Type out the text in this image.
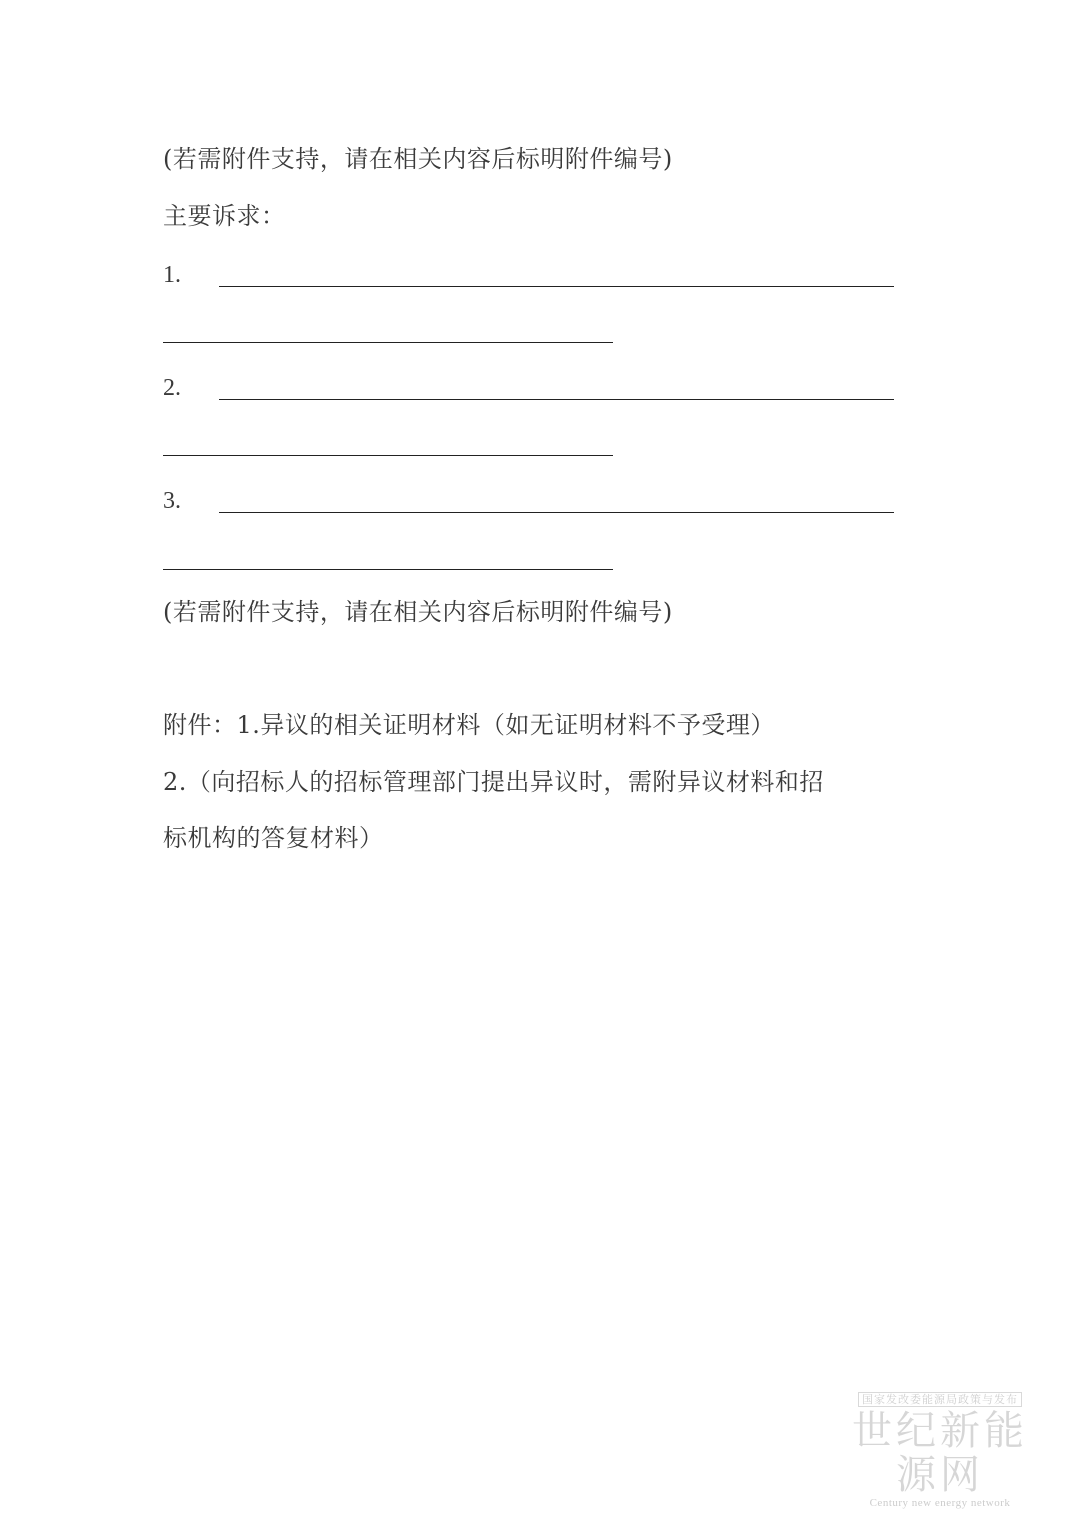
(若需附件支持，请在相关内容后标明附件编号)
主要诉求：
1.
2.
3.
(若需附件支持，请在相关内容后标明附件编号)
附件：1.异议的相关证明材料（如无证明材料不予受理）
2.（向招标人的招标管理部门提出异议时，需附异议材料和招
标机构的答复材料）
国家发改委能源局政策与发布
世纪新能源网
Century new energy network
